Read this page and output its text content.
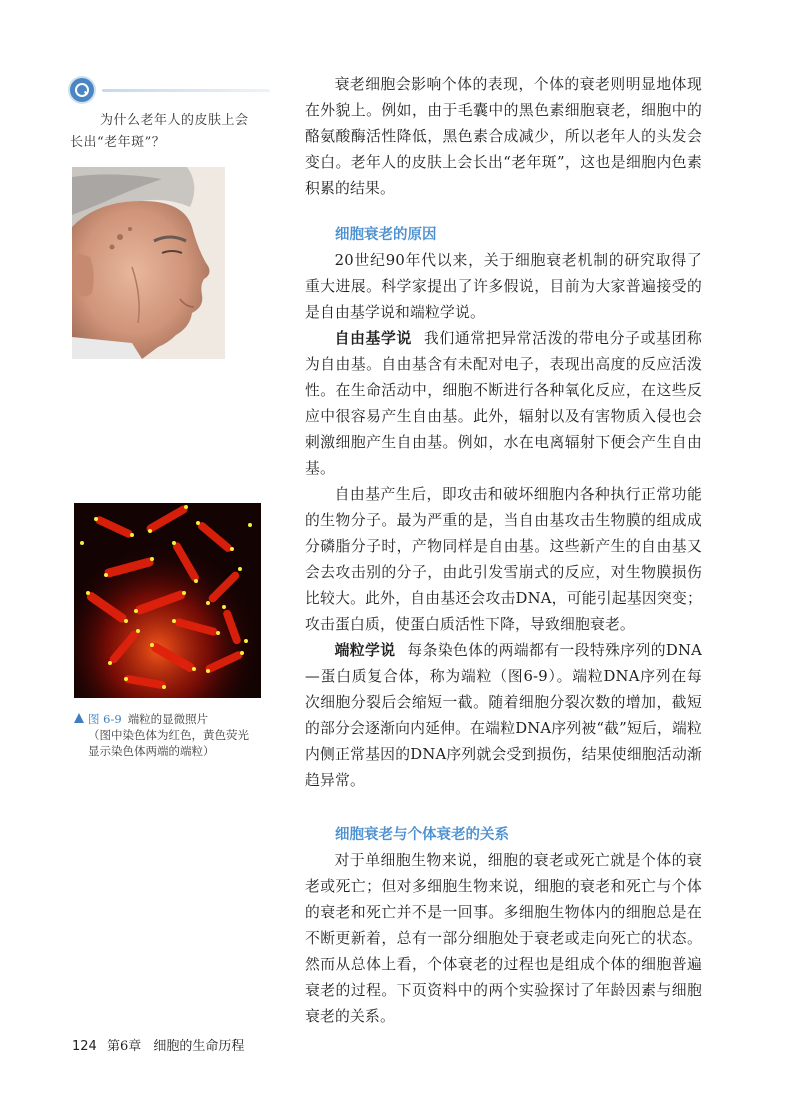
为什么老年人的皮肤上会
长出“老年斑”？
图 6-9 端粒的显微照片
（图中染色体为红色，黄色荧光
显示染色体两端的端粒）

衰老细胞会影响个体的表现，个体的衰老则明显地体现在外貌上。例如，由于毛囊中的黑色素细胞衰老，细胞中的酪氨酸酶活性降低，黑色素合成减少，所以老年人的头发会变白。老年人的皮肤上会长出“老年斑”，这也是细胞内色素积累的结果。

细胞衰老的原因

20世纪90年代以来，关于细胞衰老机制的研究取得了重大进展。科学家提出了许多假说，目前为大家普遍接受的是自由基学说和端粒学说。

自由基学说 我们通常把异常活泼的带电分子或基团称为自由基。自由基含有未配对电子，表现出高度的反应活泼性。在生命活动中，细胞不断进行各种氧化反应，在这些反应中很容易产生自由基。此外，辐射以及有害物质入侵也会刺激细胞产生自由基。例如，水在电离辐射下便会产生自由基。

自由基产生后，即攻击和破坏细胞内各种执行正常功能的生物分子。最为严重的是，当自由基攻击生物膜的组成成分磷脂分子时，产物同样是自由基。这些新产生的自由基又会去攻击别的分子，由此引发雪崩式的反应，对生物膜损伤比较大。此外，自由基还会攻击DNA，可能引起基因突变；攻击蛋白质，使蛋白质活性下降，导致细胞衰老。

端粒学说 每条染色体的两端都有一段特殊序列的DNA—蛋白质复合体，称为端粒（图6-9）。端粒DNA序列在每次细胞分裂后会缩短一截。随着细胞分裂次数的增加，截短的部分会逐渐向内延伸。在端粒DNA序列被“截”短后，端粒内侧正常基因的DNA序列就会受到损伤，结果使细胞活动渐趋异常。

细胞衰老与个体衰老的关系

对于单细胞生物来说，细胞的衰老或死亡就是个体的衰老或死亡；但对多细胞生物来说，细胞的衰老和死亡与个体的衰老和死亡并不是一回事。多细胞生物体内的细胞总是在不断更新着，总有一部分细胞处于衰老或走向死亡的状态。然而从总体上看，个体衰老的过程也是组成个体的细胞普遍衰老的过程。下页资料中的两个实验探讨了年龄因素与细胞衰老的关系。

124 第6章 细胞的生命历程
